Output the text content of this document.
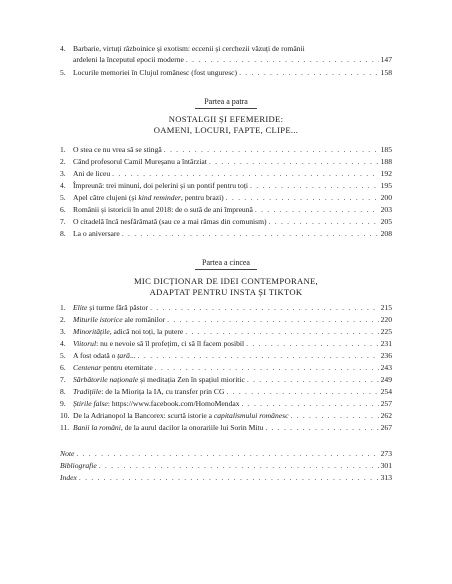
4. Barbarie, virtuți războinice și exotism: eccenii și cerchezii văzuți de românii
ardeleni la începutul epocii moderne . . .	147
5. Locurile memoriei în Clujul românesc (fost unguresc) . . .	158
Partea a patra
NOSTALGII ȘI EFEMERIDE:
OAMENI, LOCURI, FAPTE, CLIPE...
1. O stea ce nu vrea să se stingă . . .	185
2. Când profesorul Camil Mureșanu a întârziat . . .	188
3. Ani de liceu . . .	192
4. Împreună: trei minuni, doi pelerini și un pontif pentru toți . . .	195
5. Apel către clujeni (și kind reminder, pentru brazi) . . .	200
6. Românii și istoricii în anul 2018: de o sută de ani împreună . . .	203
7. O citadelă încă nesfărâmată (sau ce a mai rămas din comunism) . . .	205
8. La o aniversare . . .	208
Partea a cincea
MIC DICȚIONAR DE IDEI CONTEMPORANE,
ADAPTAT PENTRU INSTA ȘI TIKTOK
1. Elite și turme fără păstor . . .	215
2. Miturile istorice ale românilor . . .	220
3. Minoritățile, adică noi toți, la putere . . .	225
4. Viitorul: nu e nevoie să îl profețim, ci să îl facem posibil . . .	231
5. A fost odată o țară... . . .	236
6. Centenar pentru eternitate . . .	243
7. Sărbătorile naționale și meditația Zen în spațiul mioritic . . .	249
8. Tradițiile: de la Miorița la IA, cu transfer prin CG . . .	254
9. Știrile false: https://www.facebook.com/HomoMendax . . .	257
10. De la Adrianopol la Bancorex: scurtă istorie a capitalismului românesc . . .	262
11. Banii la români, de la aurul dacilor la onorariile lui Sorin Mitu . . .	267
Note . . .	273
Bibliografie . . .	301
Index . . .	313
